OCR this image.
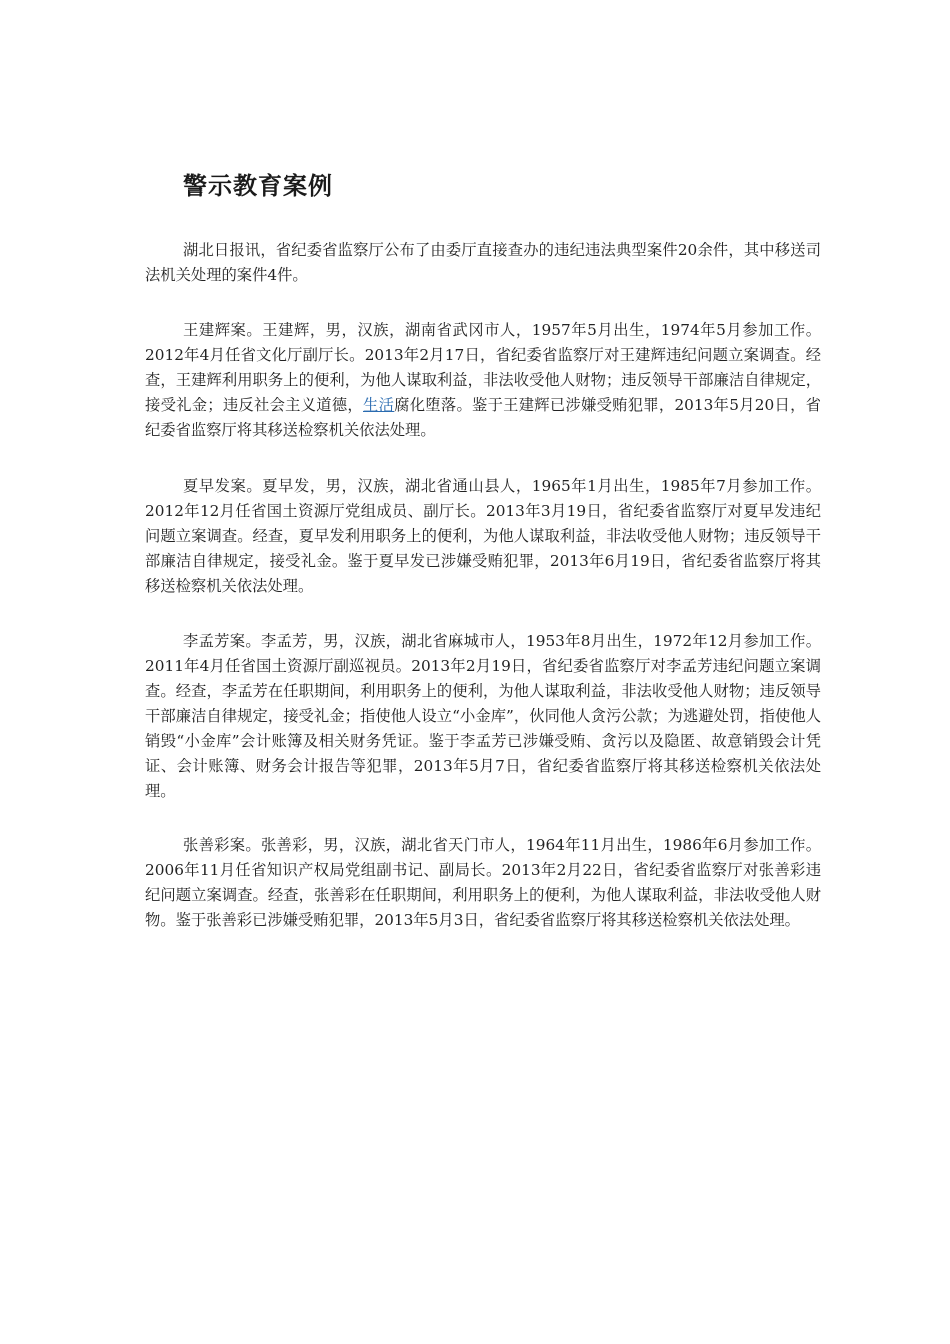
警示教育案例

湖北日报讯，省纪委省监察厅公布了由委厅直接查办的违纪违法典型案件20余件，其中移送司法机关处理的案件4件。

王建辉案。王建辉，男，汉族，湖南省武冈市人，1957年5月出生，1974年5月参加工作。2012年4月任省文化厅副厅长。2013年2月17日，省纪委省监察厅对王建辉违纪问题立案调查。经查，王建辉利用职务上的便利，为他人谋取利益，非法收受他人财物；违反领导干部廉洁自律规定，接受礼金；违反社会主义道德，生活腐化堕落。鉴于王建辉已涉嫌受贿犯罪，2013年5月20日，省纪委省监察厅将其移送检察机关依法处理。

夏早发案。夏早发，男，汉族，湖北省通山县人，1965年1月出生，1985年7月参加工作。2012年12月任省国土资源厅党组成员、副厅长。2013年3月19日，省纪委省监察厅对夏早发违纪问题立案调查。经查，夏早发利用职务上的便利，为他人谋取利益，非法收受他人财物；违反领导干部廉洁自律规定，接受礼金。鉴于夏早发已涉嫌受贿犯罪，2013年6月19日，省纪委省监察厅将其移送检察机关依法处理。

李孟芳案。李孟芳，男，汉族，湖北省麻城市人，1953年8月出生，1972年12月参加工作。2011年4月任省国土资源厅副巡视员。2013年2月19日，省纪委省监察厅对李孟芳违纪问题立案调查。经查，李孟芳在任职期间，利用职务上的便利，为他人谋取利益，非法收受他人财物；违反领导干部廉洁自律规定，接受礼金；指使他人设立“小金库”，伙同他人贪污公款；为逃避处罚，指使他人销毁“小金库”会计账簿及相关财务凭证。鉴于李孟芳已涉嫌受贿、贪污以及隐匿、故意销毁会计凭证、会计账簿、财务会计报告等犯罪，2013年5月7日，省纪委省监察厅将其移送检察机关依法处理。

张善彩案。张善彩，男，汉族，湖北省天门市人，1964年11月出生，1986年6月参加工作。2006年11月任省知识产权局党组副书记、副局长。2013年2月22日，省纪委省监察厅对张善彩违纪问题立案调查。经查，张善彩在任职期间，利用职务上的便利，为他人谋取利益，非法收受他人财物。鉴于张善彩已涉嫌受贿犯罪，2013年5月3日，省纪委省监察厅将其移送检察机关依法处理。
